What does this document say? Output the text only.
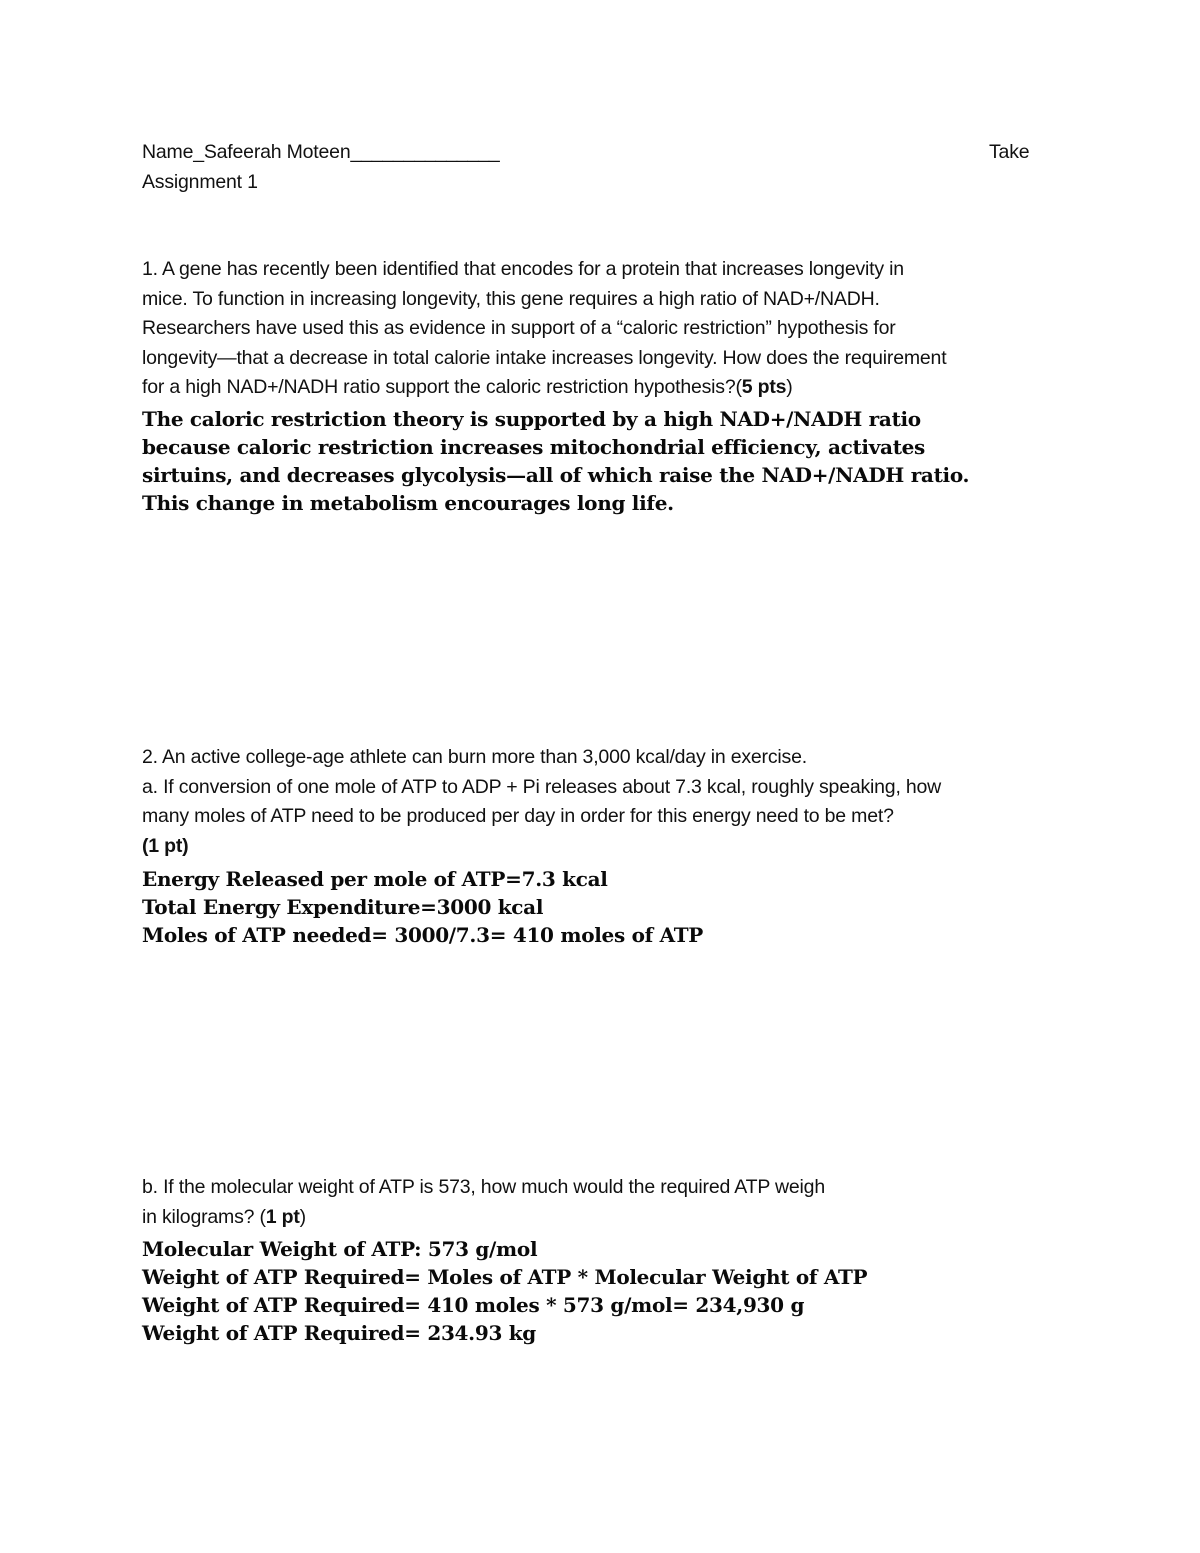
Name_Safeerah Moteen______________
Assignment 1
Take
1. A gene has recently been identified that encodes for a protein that increases longevity in
mice. To function in increasing longevity, this gene requires a high ratio of NAD+/NADH.
Researchers have used this as evidence in support of a “caloric restriction” hypothesis for
longevity—that a decrease in total calorie intake increases longevity. How does the requirement
for a high NAD+/NADH ratio support the caloric restriction hypothesis?(5 pts)
The caloric restriction theory is supported by a high NAD+/NADH ratio
because caloric restriction increases mitochondrial efficiency, activates
sirtuins, and decreases glycolysis—all of which raise the NAD+/NADH ratio.
This change in metabolism encourages long life.
2. An active college-age athlete can burn more than 3,000 kcal/day in exercise.
a. If conversion of one mole of ATP to ADP + Pi releases about 7.3 kcal, roughly speaking, how
many moles of ATP need to be produced per day in order for this energy need to be met?
(1 pt)
Energy Released per mole of ATP=7.3 kcal
Total Energy Expenditure=3000 kcal
Moles of ATP needed= 3000/7.3= 410 moles of ATP
b. If the molecular weight of ATP is 573, how much would the required ATP weigh
in kilograms? (1 pt)
Molecular Weight of ATP: 573 g/mol
Weight of ATP Required= Moles of ATP * Molecular Weight of ATP
Weight of ATP Required= 410 moles * 573 g/mol= 234,930 g
Weight of ATP Required= 234.93 kg
